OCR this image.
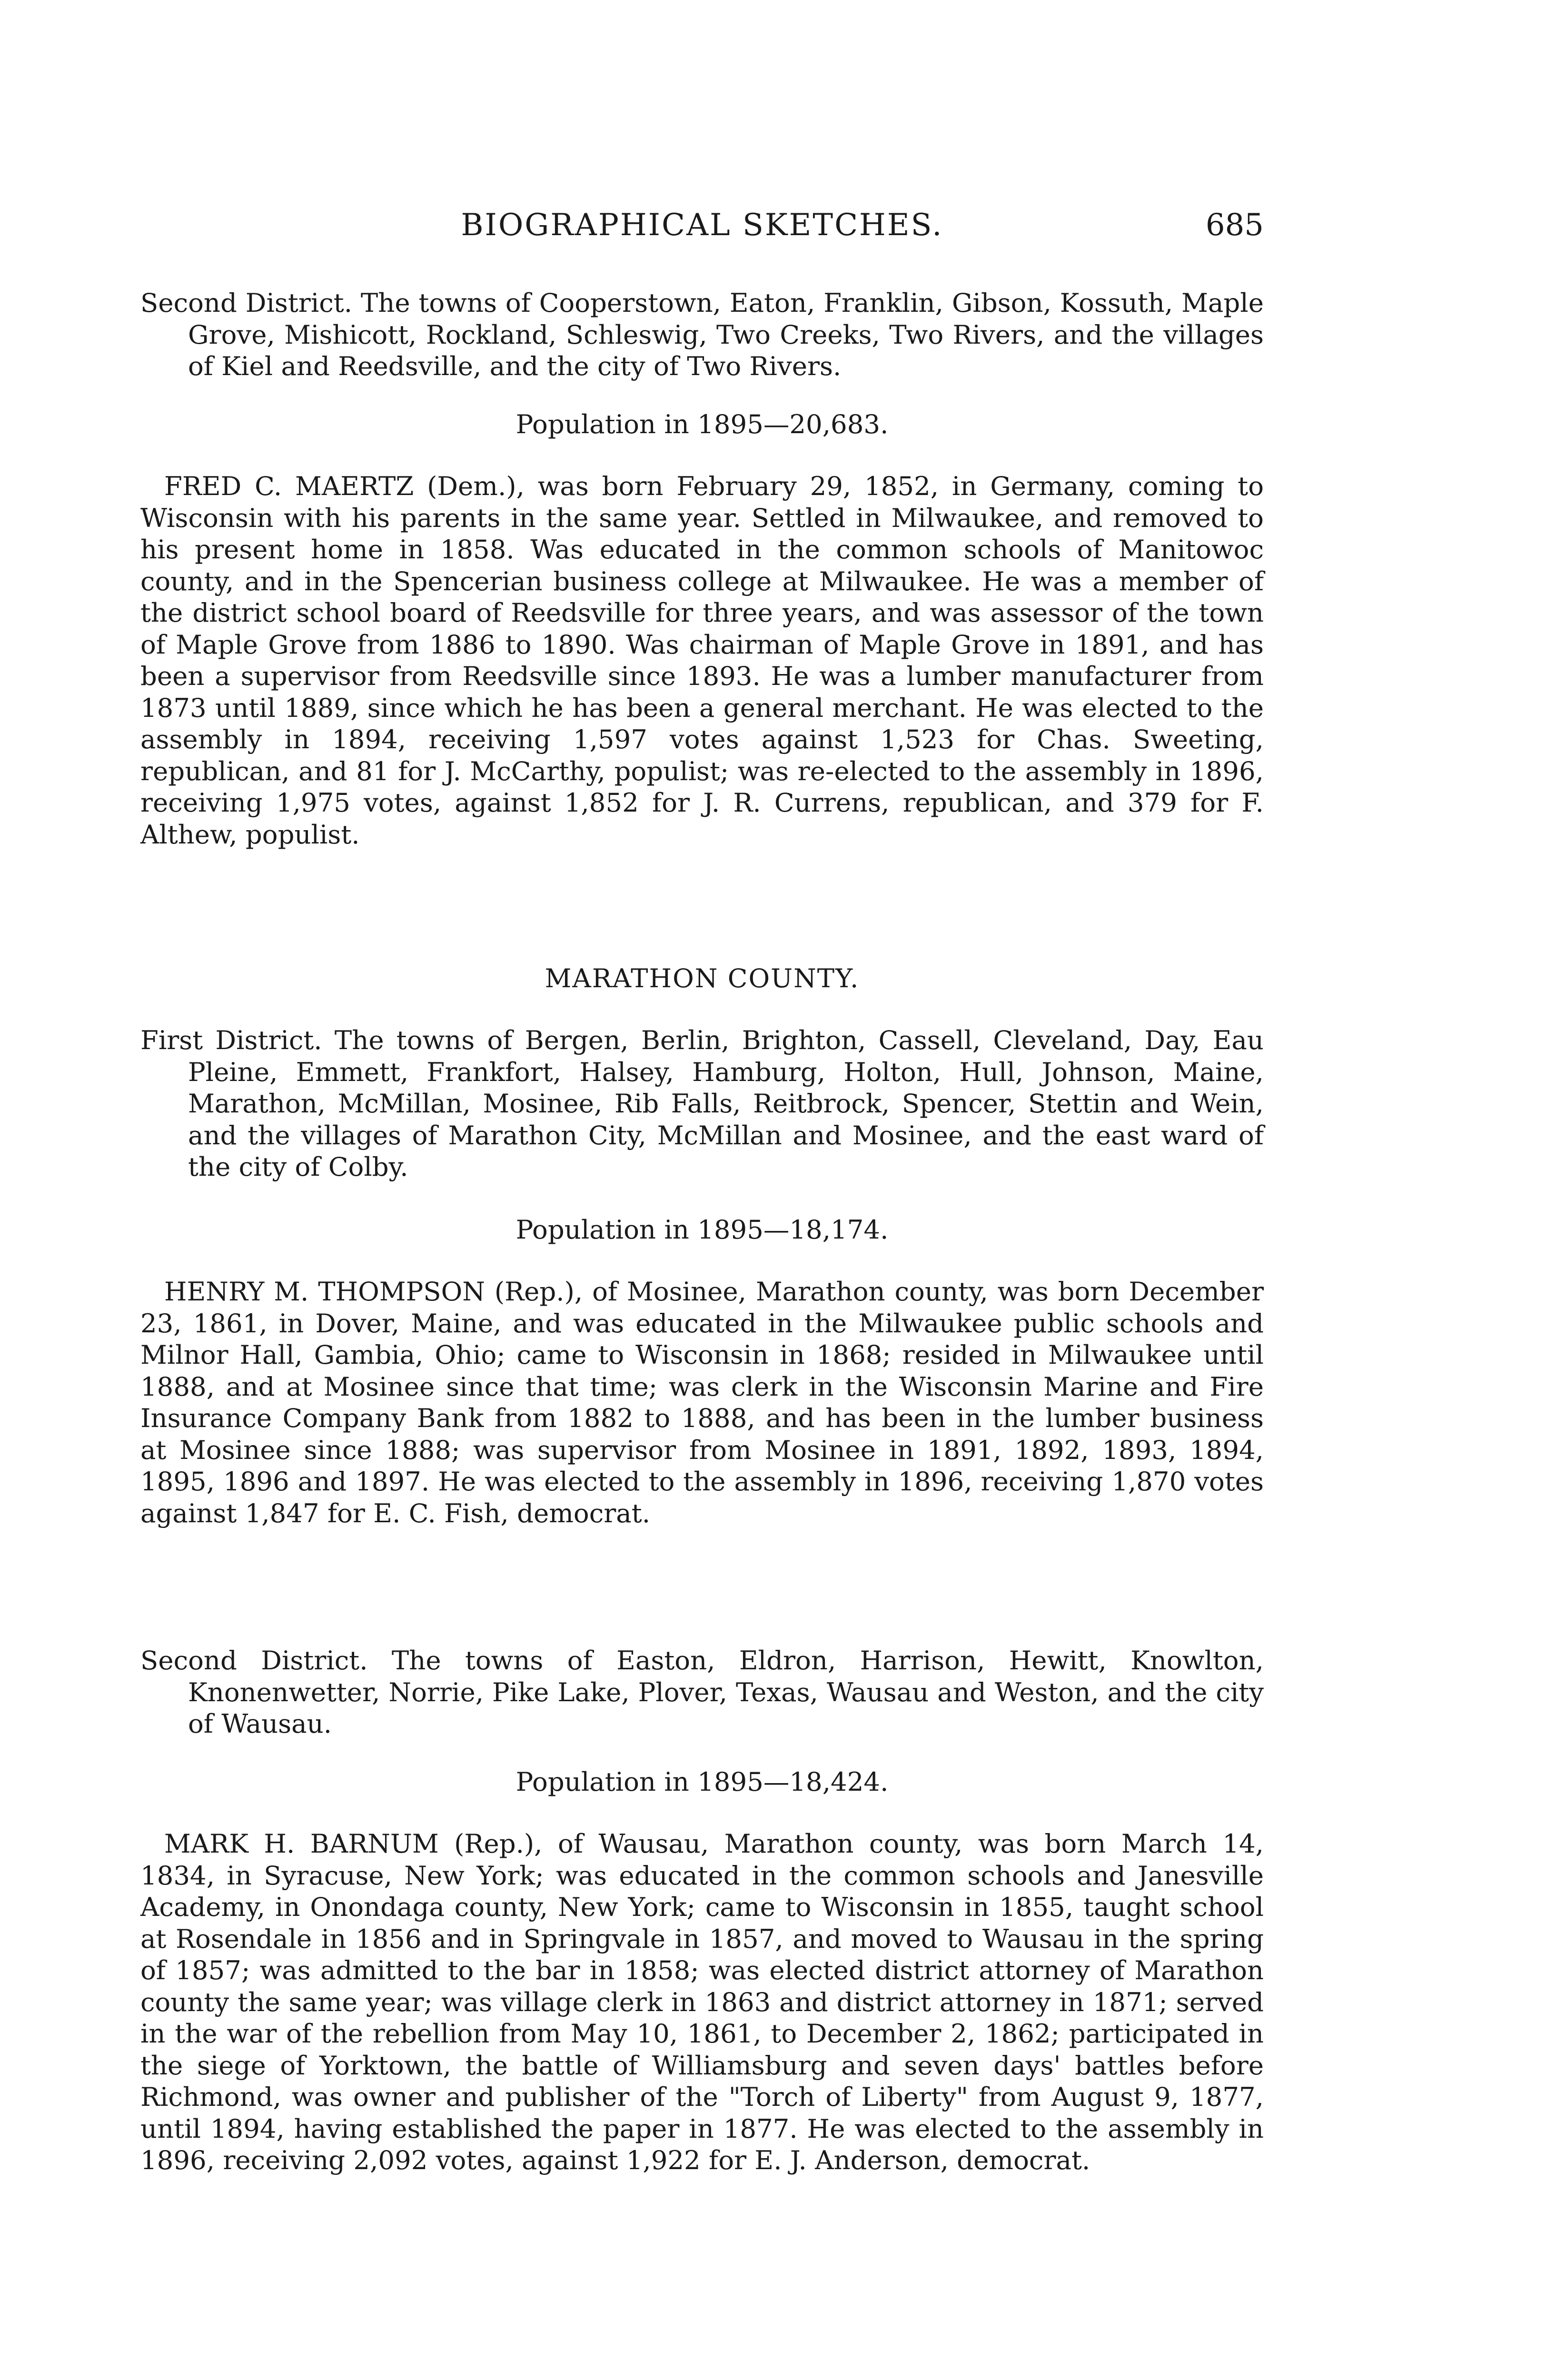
BIOGRAPHICAL SKETCHES.	685

Second District. The towns of Cooperstown, Eaton, Franklin, Gibson, Kossuth, Maple Grove, Mishicott, Rockland, Schleswig, Two Creeks, Two Rivers, and the villages of Kiel and Reedsville, and the city of Two Rivers.

Population in 1895—20,683.

FRED C. MAERTZ (Dem.), was born February 29, 1852, in Germany, coming to Wisconsin with his parents in the same year. Settled in Milwaukee, and removed to his present home in 1858. Was educated in the common schools of Manitowoc county, and in the Spencerian business college at Milwaukee. He was a member of the district school board of Reedsville for three years, and was assessor of the town of Maple Grove from 1886 to 1890. Was chairman of Maple Grove in 1891, and has been a supervisor from Reedsville since 1893. He was a lumber manufacturer from 1873 until 1889, since which he has been a general merchant. He was elected to the assembly in 1894, receiving 1,597 votes against 1,523 for Chas. Sweeting, republican, and 81 for J. McCarthy, populist; was re-elected to the assembly in 1896, receiving 1,975 votes, against 1,852 for J. R. Currens, republican, and 379 for F. Althew, populist.

MARATHON COUNTY.

First District. The towns of Bergen, Berlin, Brighton, Cassell, Cleveland, Day, Eau Pleine, Emmett, Frankfort, Halsey, Hamburg, Holton, Hull, Johnson, Maine, Marathon, McMillan, Mosinee, Rib Falls, Reitbrock, Spencer, Stettin and Wein, and the villages of Marathon City, McMillan and Mosinee, and the east ward of the city of Colby.

Population in 1895—18,174.

HENRY M. THOMPSON (Rep.), of Mosinee, Marathon county, was born December 23, 1861, in Dover, Maine, and was educated in the Milwaukee public schools and Milnor Hall, Gambia, Ohio; came to Wisconsin in 1868; resided in Milwaukee until 1888, and at Mosinee since that time; was clerk in the Wisconsin Marine and Fire Insurance Company Bank from 1882 to 1888, and has been in the lumber business at Mosinee since 1888; was supervisor from Mosinee in 1891, 1892, 1893, 1894, 1895, 1896 and 1897. He was elected to the assembly in 1896, receiving 1,870 votes against 1,847 for E. C. Fish, democrat.

Second District. The towns of Easton, Eldron, Harrison, Hewitt, Knowlton, Knonenwetter, Norrie, Pike Lake, Plover, Texas, Wausau and Weston, and the city of Wausau.

Population in 1895—18,424.

MARK H. BARNUM (Rep.), of Wausau, Marathon county, was born March 14, 1834, in Syracuse, New York; was educated in the common schools and Janesville Academy, in Onondaga county, New York; came to Wisconsin in 1855, taught school at Rosendale in 1856 and in Springvale in 1857, and moved to Wausau in the spring of 1857; was admitted to the bar in 1858; was elected district attorney of Marathon county the same year; was village clerk in 1863 and district attorney in 1871; served in the war of the rebellion from May 10, 1861, to December 2, 1862; participated in the siege of Yorktown, the battle of Williamsburg and seven days' battles before Richmond, was owner and publisher of the "Torch of Liberty" from August 9, 1877, until 1894, having established the paper in 1877. He was elected to the assembly in 1896, receiving 2,092 votes, against 1,922 for E. J. Anderson, democrat.
